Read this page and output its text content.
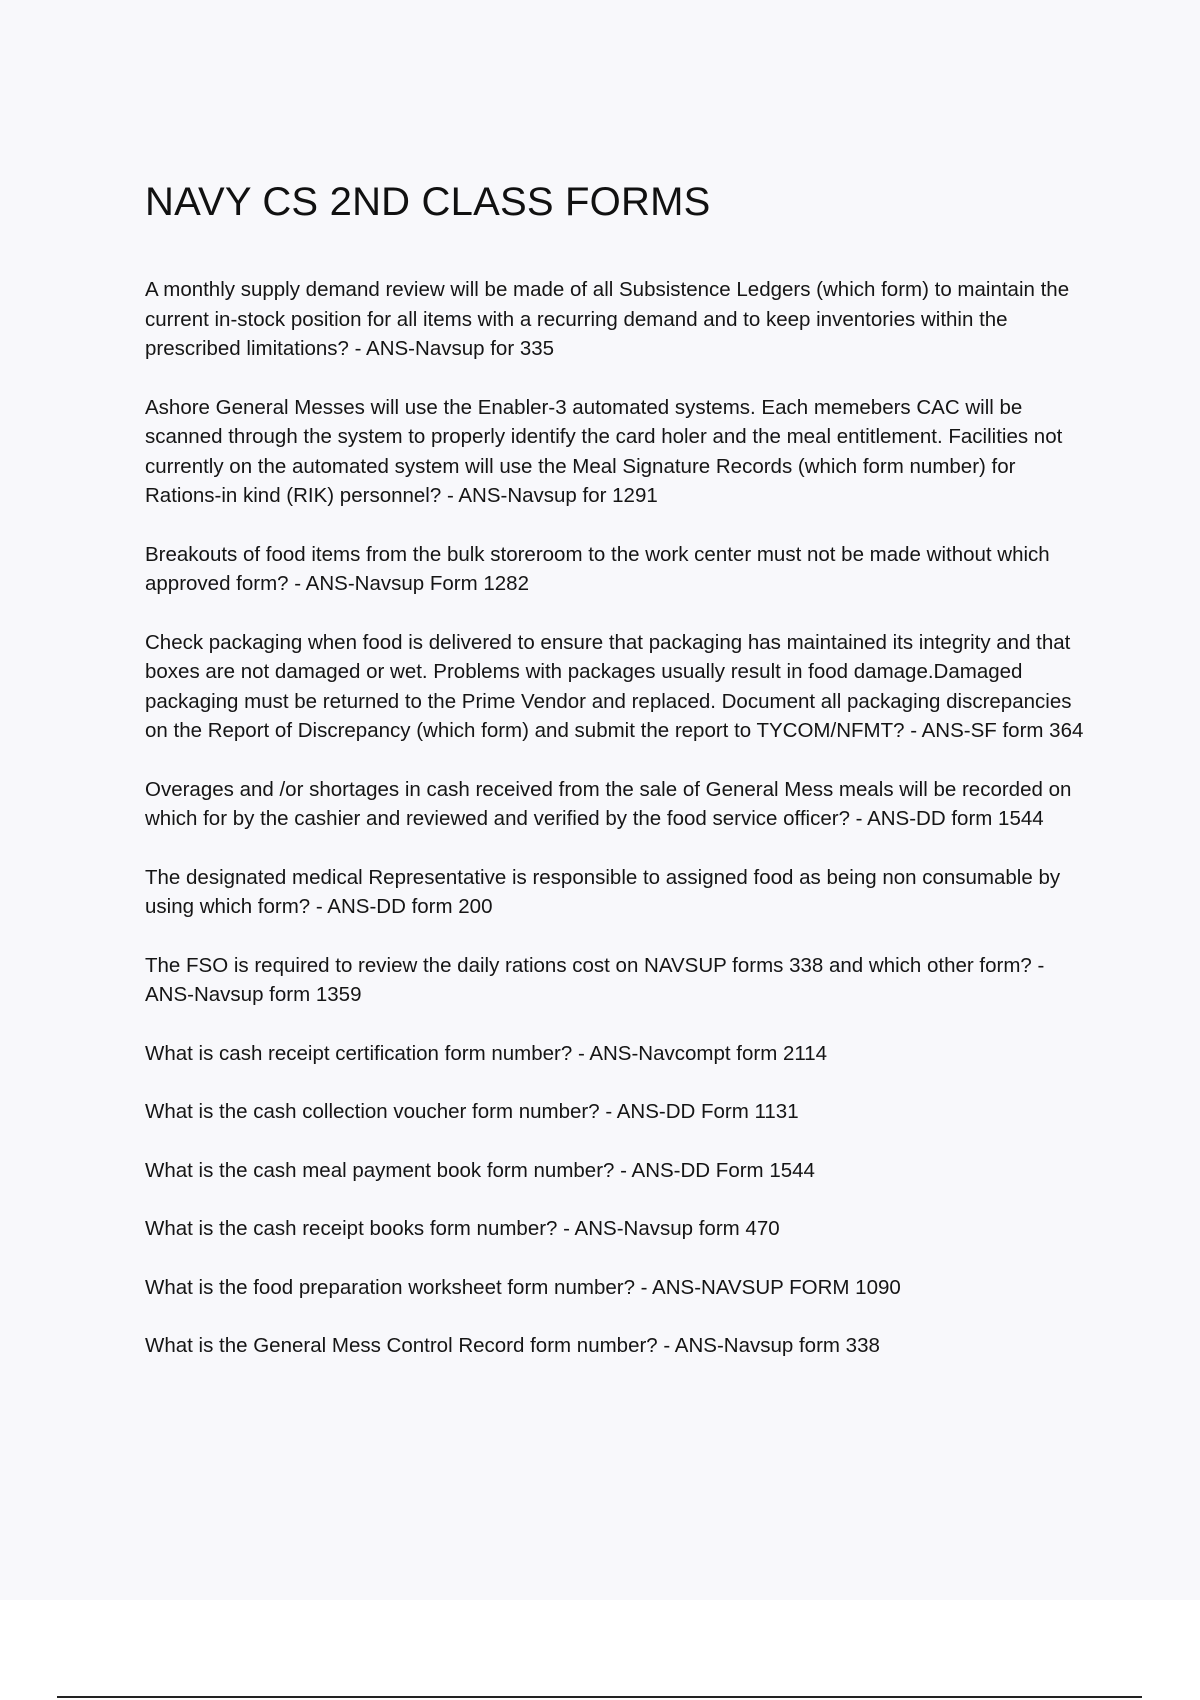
NAVY CS 2ND CLASS FORMS

A monthly supply demand review will be made of all Subsistence Ledgers (which form) to maintain the current in-stock position for all items with a recurring demand and to keep inventories within the prescribed limitations? - ANS-Navsup for 335

Ashore General Messes will use the Enabler-3 automated systems. Each memebers CAC will be scanned through the system to properly identify the card holer and the meal entitlement. Facilities not currently on the automated system will use the Meal Signature Records (which form number) for Rations-in kind (RIK) personnel? - ANS-Navsup for 1291

Breakouts of food items from the bulk storeroom to the work center must not be made without which approved form? - ANS-Navsup Form 1282

Check packaging when food is delivered to ensure that packaging has maintained its integrity and that boxes are not damaged or wet. Problems with packages usually result in food damage.Damaged packaging must be returned to the Prime Vendor and replaced. Document all packaging discrepancies on the Report of Discrepancy (which form) and submit the report to TYCOM/NFMT? - ANS-SF form 364

Overages and /or shortages in cash received from the sale of General Mess meals will be recorded on which for by the cashier and reviewed and verified by the food service officer? - ANS-DD form 1544

The designated medical Representative is responsible to assigned food as being non consumable by using which form? - ANS-DD form 200

The FSO is required to review the daily rations cost on NAVSUP forms 338 and which other form? - ANS-Navsup form 1359

What is cash receipt certification form number? - ANS-Navcompt form 2114

What is the cash collection voucher form number? - ANS-DD Form 1131

What is the cash meal payment book form number? - ANS-DD Form 1544

What is the cash receipt books form number? - ANS-Navsup form 470

What is the food preparation worksheet form number? - ANS-NAVSUP FORM 1090

What is the General Mess Control Record form number? - ANS-Navsup form 338
